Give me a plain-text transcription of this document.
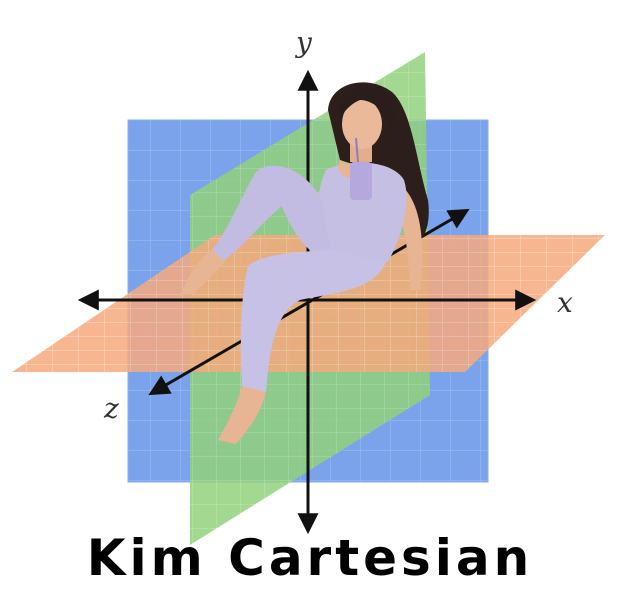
y
x
z
Kim Cartesian
